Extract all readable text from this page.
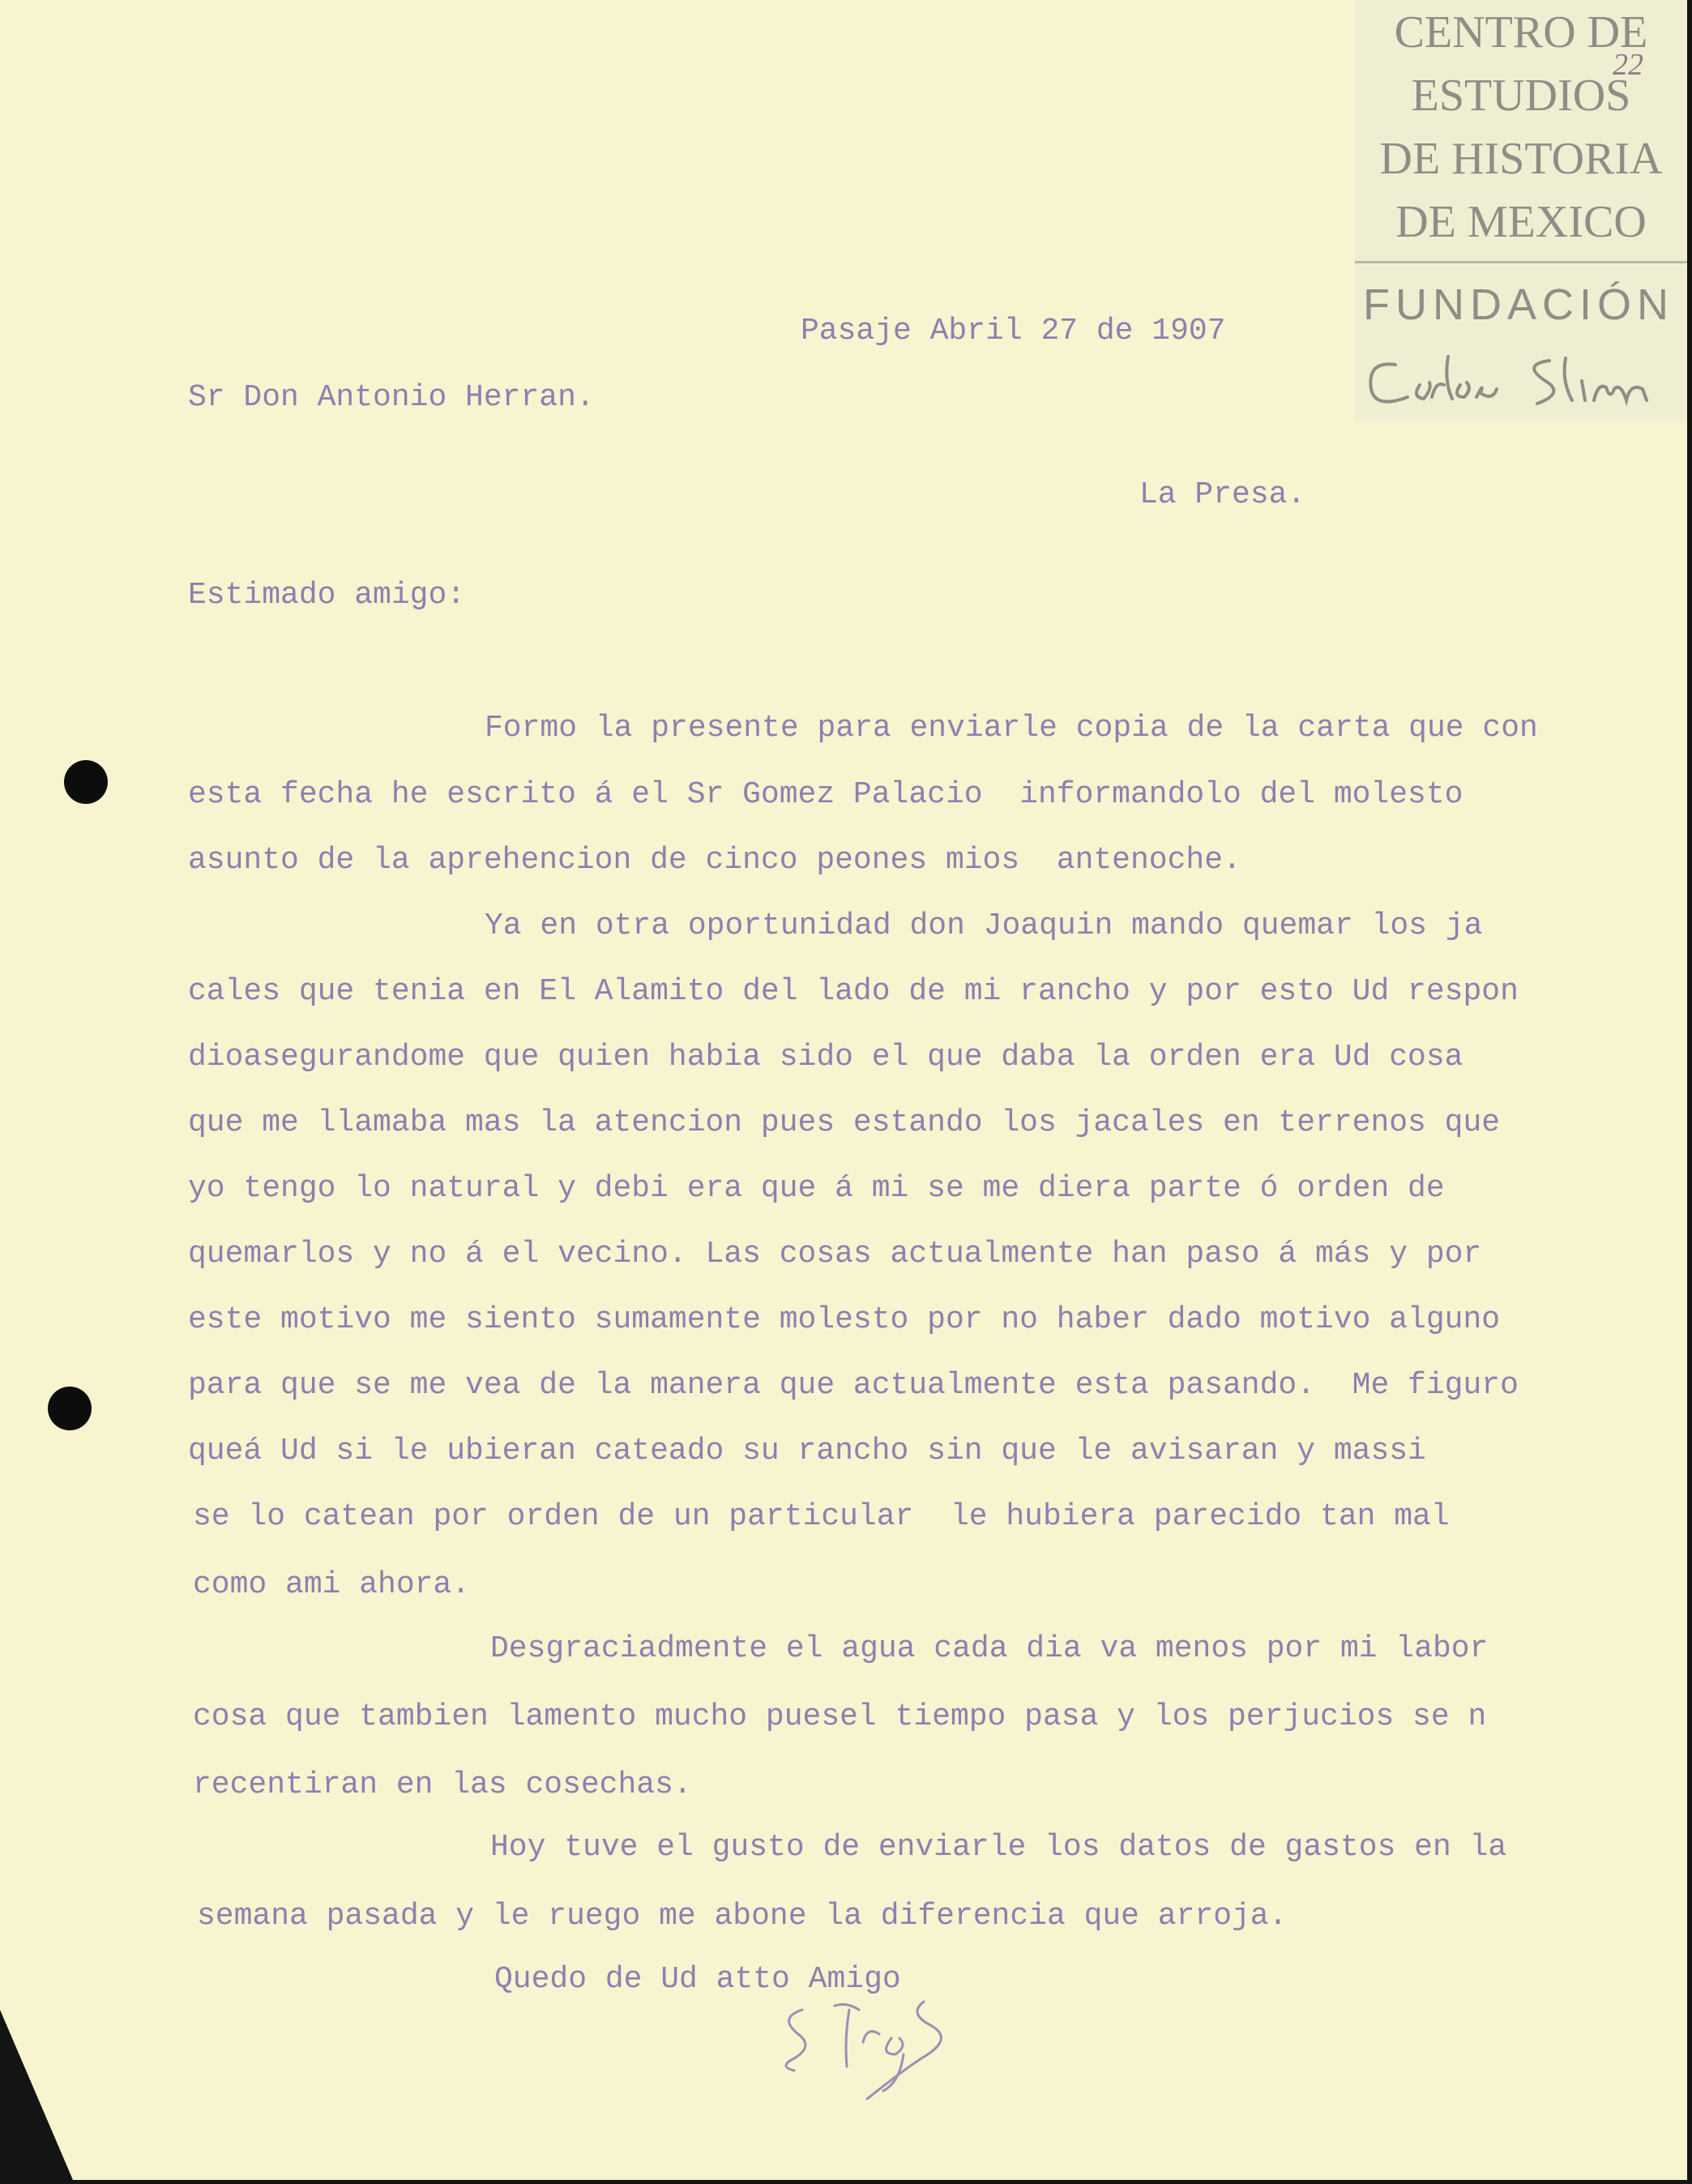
CENTRO DE
ESTUDIOS
DE HISTORIA
DE MEXICO
FUNDACIÓN
22
Pasaje Abril 27 de 1907
Sr Don Antonio Herran.
La Presa.
Estimado amigo:
Formo la presente para enviarle copia de la carta que con
esta fecha he escrito á el Sr Gomez Palacio  informandolo del molesto
asunto de la aprehencion de cinco peones mios  antenoche.
Ya en otra oportunidad don Joaquin mando quemar los ja
cales que tenia en El Alamito del lado de mi rancho y por esto Ud respon
dioasegurandome que quien habia sido el que daba la orden era Ud cosa
que me llamaba mas la atencion pues estando los jacales en terrenos que
yo tengo lo natural y debi era que á mi se me diera parte ó orden de
quemarlos y no á el vecino. Las cosas actualmente han paso á más y por
este motivo me siento sumamente molesto por no haber dado motivo alguno
para que se me vea de la manera que actualmente esta pasando.  Me figuro
queá Ud si le ubieran cateado su rancho sin que le avisaran y massi
se lo catean por orden de un particular  le hubiera parecido tan mal
como ami ahora.
Desgraciadmente el agua cada dia va menos por mi labor
cosa que tambien lamento mucho puesel tiempo pasa y los perjucios se n
recentiran en las cosechas.
Hoy tuve el gusto de enviarle los datos de gastos en la
semana pasada y le ruego me abone la diferencia que arroja.
Quedo de Ud atto Amigo
